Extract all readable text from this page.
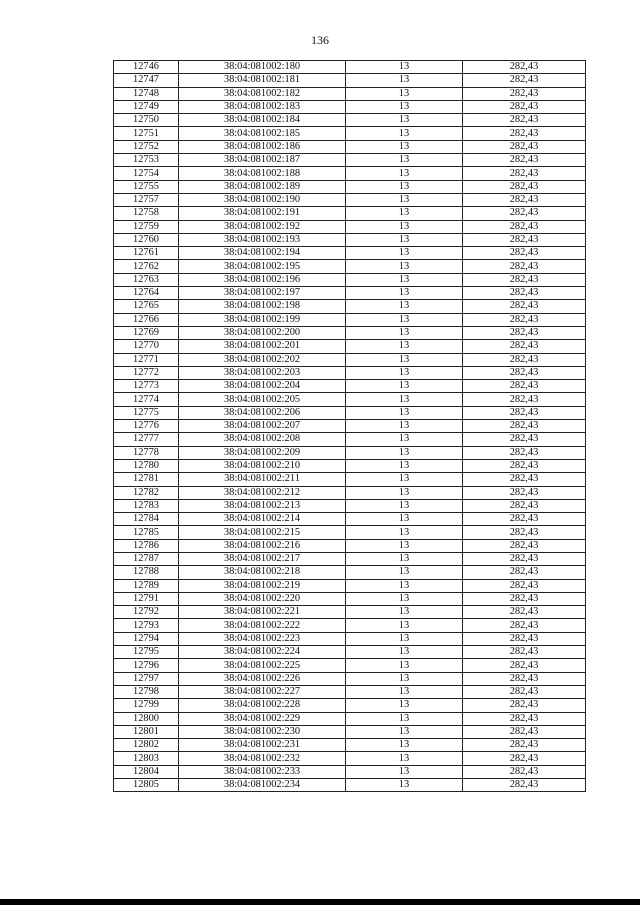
136
12746	38:04:081002:180	13	282,43
12747	38:04:081002:181	13	282,43
12748	38:04:081002:182	13	282,43
12749	38:04:081002:183	13	282,43
12750	38:04:081002:184	13	282,43
12751	38:04:081002:185	13	282,43
12752	38:04:081002:186	13	282,43
12753	38:04:081002:187	13	282,43
12754	38:04:081002:188	13	282,43
12755	38:04:081002:189	13	282,43
12757	38:04:081002:190	13	282,43
12758	38:04:081002:191	13	282,43
12759	38:04:081002:192	13	282,43
12760	38:04:081002:193	13	282,43
12761	38:04:081002:194	13	282,43
12762	38:04:081002:195	13	282,43
12763	38:04:081002:196	13	282,43
12764	38:04:081002:197	13	282,43
12765	38:04:081002:198	13	282,43
12766	38:04:081002:199	13	282,43
12769	38:04:081002:200	13	282,43
12770	38:04:081002:201	13	282,43
12771	38:04:081002:202	13	282,43
12772	38:04:081002:203	13	282,43
12773	38:04:081002:204	13	282,43
12774	38:04:081002:205	13	282,43
12775	38:04:081002:206	13	282,43
12776	38:04:081002:207	13	282,43
12777	38:04:081002:208	13	282,43
12778	38:04:081002:209	13	282,43
12780	38:04:081002:210	13	282,43
12781	38:04:081002:211	13	282,43
12782	38:04:081002:212	13	282,43
12783	38:04:081002:213	13	282,43
12784	38:04:081002:214	13	282,43
12785	38:04:081002:215	13	282,43
12786	38:04:081002:216	13	282,43
12787	38:04:081002:217	13	282,43
12788	38:04:081002:218	13	282,43
12789	38:04:081002:219	13	282,43
12791	38:04:081002:220	13	282,43
12792	38:04:081002:221	13	282,43
12793	38:04:081002:222	13	282,43
12794	38:04:081002:223	13	282,43
12795	38:04:081002:224	13	282,43
12796	38:04:081002:225	13	282,43
12797	38:04:081002:226	13	282,43
12798	38:04:081002:227	13	282,43
12799	38:04:081002:228	13	282,43
12800	38:04:081002:229	13	282,43
12801	38:04:081002:230	13	282,43
12802	38:04:081002:231	13	282,43
12803	38:04:081002:232	13	282,43
12804	38:04:081002:233	13	282,43
12805	38:04:081002:234	13	282,43
